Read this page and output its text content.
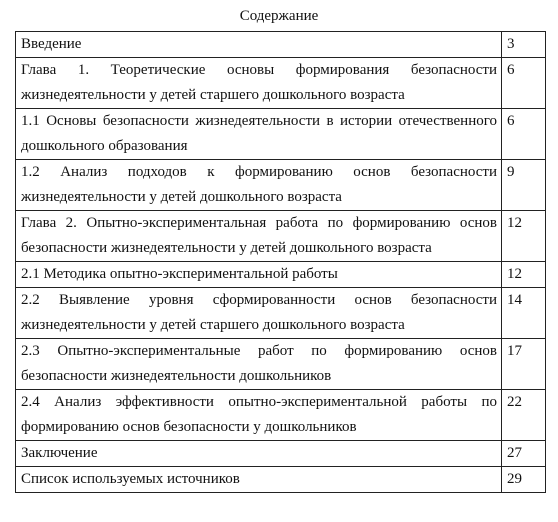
Содержание
Введение	3
Глава 1. Теоретические основы формирования безопасности жизнедеятельности у детей старшего дошкольного возраста	6
1.1 Основы безопасности жизнедеятельности в истории отечественного дошкольного образования	6
1.2 Анализ подходов к формированию основ безопасности жизнедеятельности у детей дошкольного возраста	9
Глава 2. Опытно-экспериментальная работа по формированию основ безопасности жизнедеятельности у детей дошкольного возраста	12
2.1 Методика опытно-экспериментальной работы	12
2.2 Выявление уровня сформированности основ безопасности жизнедеятельности у детей старшего дошкольного возраста	14
2.3 Опытно-экспериментальные работ по формированию основ безопасности жизнедеятельности дошкольников	17
2.4 Анализ эффективности опытно-экспериментальной работы по формированию основ безопасности у дошкольников	22
Заключение	27
Список используемых источников	29
